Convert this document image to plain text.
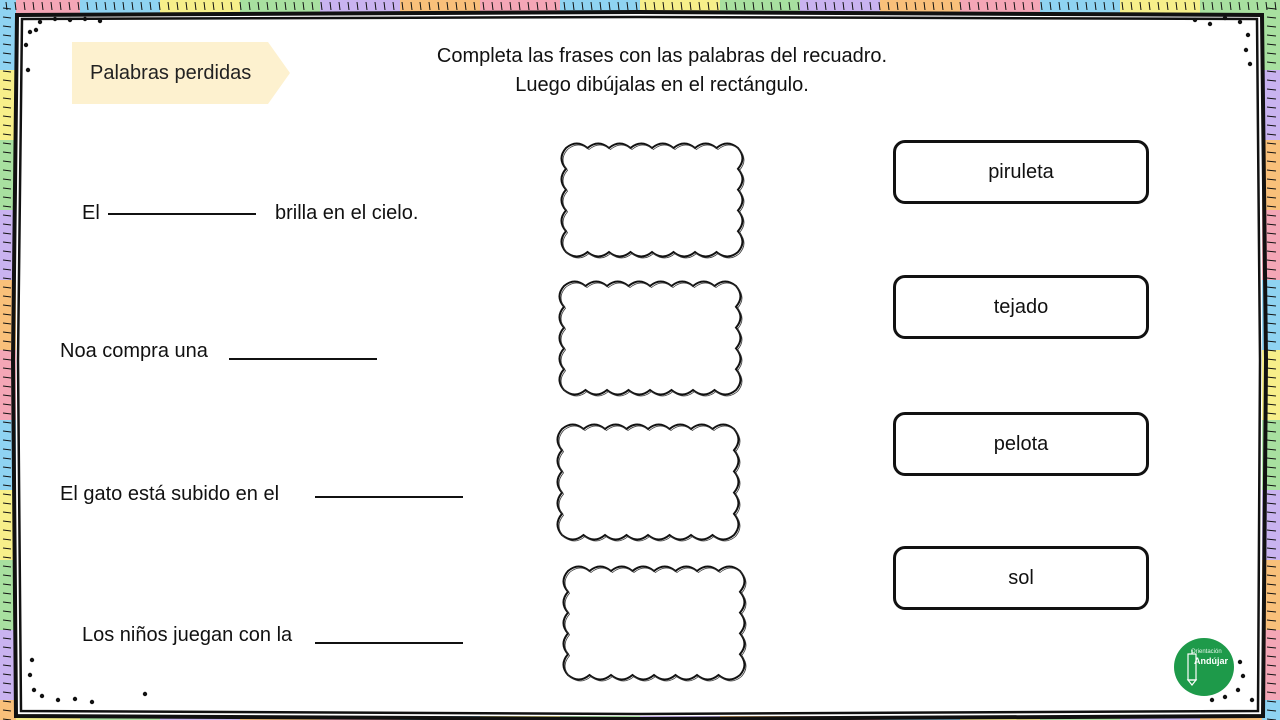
Palabras perdidas
Completa las frases con las palabras del recuadro.
Luego dibújalas en el rectángulo.
El	brilla en el cielo.
Noa compra una
El gato está subido en el
Los niños juegan con la
piruleta
tejado
pelota
sol
Orientación
Andújar
